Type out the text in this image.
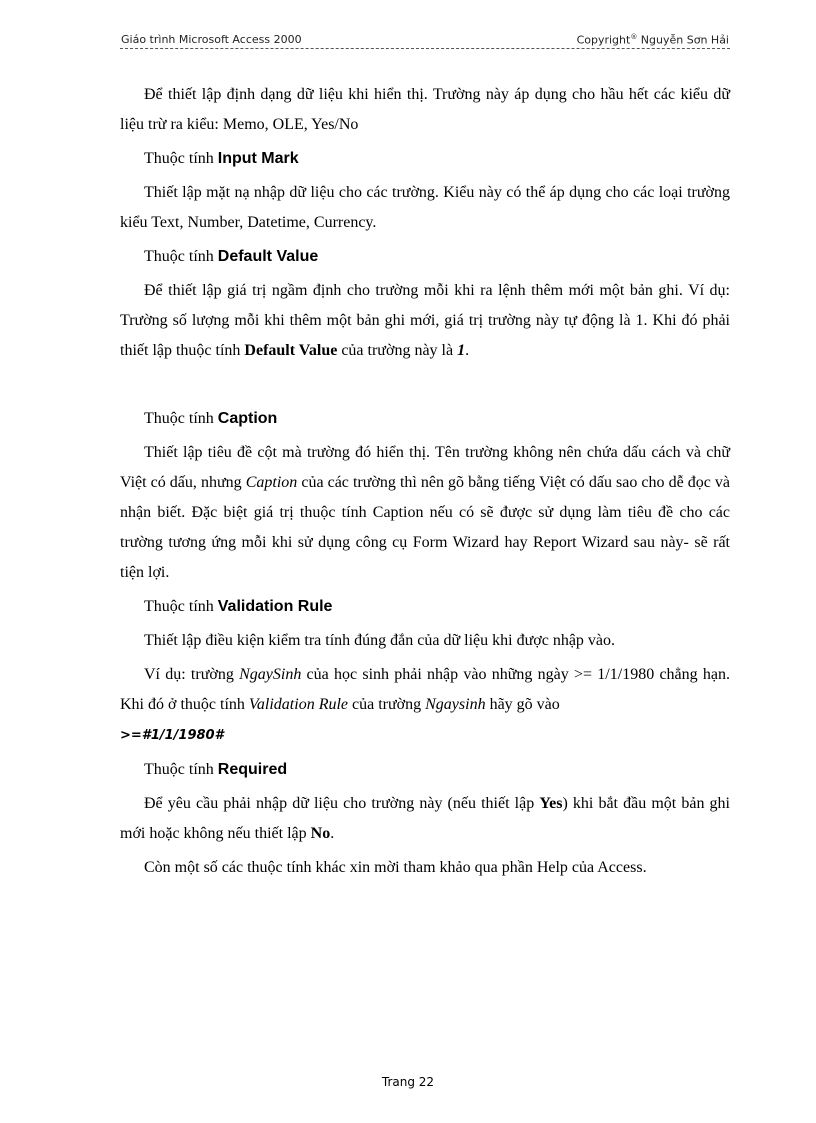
Giáo trình Microsoft Access 2000	Copyright® Nguyễn Sơn Hải

Để thiết lập định dạng dữ liệu khi hiển thị. Trường này áp dụng cho hầu hết các kiểu dữ liệu trừ ra kiểu: Memo, OLE, Yes/No

Thuộc tính Input Mark

Thiết lập mặt nạ nhập dữ liệu cho các trường. Kiểu này có thể áp dụng cho các loại trường kiểu Text, Number, Datetime, Currency.

Thuộc tính Default Value

Để thiết lập giá trị ngầm định cho trường mỗi khi ra lệnh thêm mới một bản ghi. Ví dụ: Trường số lượng mỗi khi thêm một bản ghi mới, giá trị trường này tự động là 1. Khi đó phải thiết lập thuộc tính Default Value của trường này là 1.

Thuộc tính Caption

Thiết lập tiêu đề cột mà trường đó hiển thị. Tên trường không nên chứa dấu cách và chữ Việt có dấu, nhưng Caption của các trường thì nên gõ bằng tiếng Việt có dấu sao cho dễ đọc và nhận biết. Đặc biệt giá trị thuộc tính Caption nếu có sẽ được sử dụng làm tiêu đề cho các trường tương ứng mỗi khi sử dụng công cụ Form Wizard hay Report Wizard sau này- sẽ rất tiện lợi.

Thuộc tính Validation Rule

Thiết lập điều kiện kiểm tra tính đúng đắn của dữ liệu khi được nhập vào.

Ví dụ: trường NgaySinh của học sinh phải nhập vào những ngày >= 1/1/1980 chẳng hạn. Khi đó ở thuộc tính Validation Rule của trường Ngaysinh hãy gõ vào
>=#1/1/1980#

Thuộc tính Required

Để yêu cầu phải nhập dữ liệu cho trường này (nếu thiết lập Yes) khi bắt đầu một bản ghi mới hoặc không nếu thiết lập No.

Còn một số các thuộc tính khác xin mời tham khảo qua phần Help của Access.

Trang 22
